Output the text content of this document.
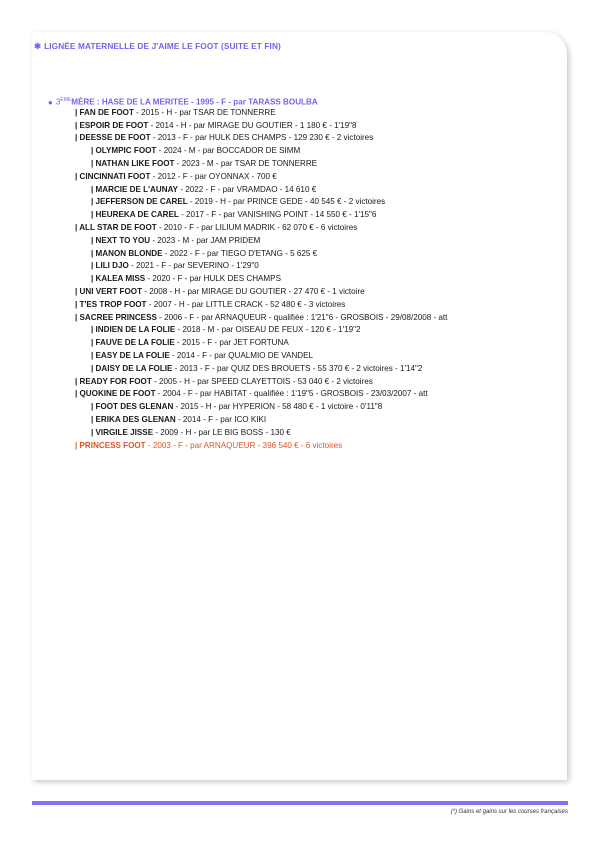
✱ LIGNÉE MATERNELLE DE J'AIME LE FOOT (SUITE ET FIN)
● 3ÈMEMÈRE : HASE DE LA MERITEE - 1995 - F - par TARASS BOULBA
| FAN DE FOOT - 2015 - H - par TSAR DE TONNERRE
| ESPOIR DE FOOT - 2014 - H - par MIRAGE DU GOUTIER - 1 180 € - 1'19"8
| DEESSE DE FOOT - 2013 - F - par HULK DES CHAMPS - 129 230 € - 2 victoires
| OLYMPIC FOOT - 2024 - M - par BOCCADOR DE SIMM
| NATHAN LIKE FOOT - 2023 - M - par TSAR DE TONNERRE
| CINCINNATI FOOT - 2012 - F - par OYONNAX - 700 €
| MARCIE DE L'AUNAY - 2022 - F - par VRAMDAO - 14 610 €
| JEFFERSON DE CAREL - 2019 - H - par PRINCE GEDE - 40 545 € - 2 victoires
| HEUREKA DE CAREL - 2017 - F - par VANISHING POINT - 14 550 € - 1'15"6
| ALL STAR DE FOOT - 2010 - F - par LILIUM MADRIK - 62 070 € - 6 victoires
| NEXT TO YOU - 2023 - M - par JAM PRIDEM
| MANON BLONDE - 2022 - F - par TIEGO D'ETANG - 5 625 €
| LILI DJO - 2021 - F - par SEVERINO - 1'29"0
| KALEA MISS - 2020 - F - par HULK DES CHAMPS
| UNI VERT FOOT - 2008 - H - par MIRAGE DU GOUTIER - 27 470 € - 1 victoire
| T'ES TROP FOOT - 2007 - H - par LITTLE CRACK - 52 480 € - 3 victoires
| SACREE PRINCESS - 2006 - F - par ARNAQUEUR - qualifiée : 1'21"6 - GROSBOIS - 29/08/2008 - att
| INDIEN DE LA FOLIE - 2018 - M - par OISEAU DE FEUX - 120 € - 1'19"2
| FAUVE DE LA FOLIE - 2015 - F - par JET FORTUNA
| EASY DE LA FOLIE - 2014 - F - par QUALMIO DE VANDEL
| DAISY DE LA FOLIE - 2013 - F - par QUIZ DES BROUETS - 55 370 € - 2 victoires - 1'14"2
| READY FOR FOOT - 2005 - H - par SPEED CLAYETTOIS - 53 040 € - 2 victoires
| QUOKINE DE FOOT - 2004 - F - par HABITAT - qualifiée : 1'19"5 - GROSBOIS - 23/03/2007 - att
| FOOT DES GLENAN - 2015 - H - par HYPERION - 58 480 € - 1 victoire - 0'11"8
| ERIKA DES GLENAN - 2014 - F - par ICO KIKI
| VIRGILE JISSE - 2009 - H - par LE BIG BOSS - 130 €
| PRINCESS FOOT - 2003 - F - par ARNAQUEUR - 396 540 € - 6 victoires
(*) Gains et gains sur les courses françaises
